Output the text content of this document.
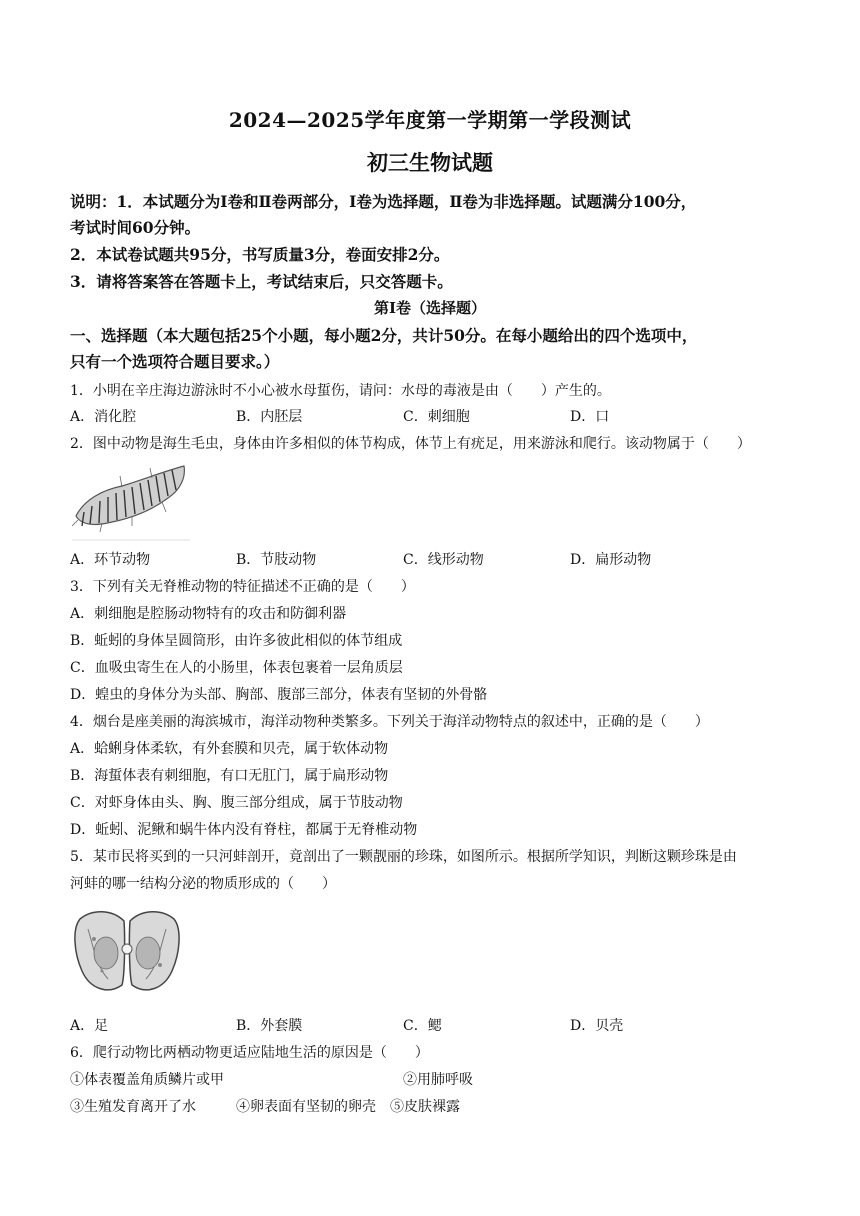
2024—2025学年度第一学期第一学段测试
初三生物试题
说明：1．本试题分为Ⅰ卷和Ⅱ卷两部分，Ⅰ卷为选择题，Ⅱ卷为非选择题。试题满分100分，
考试时间60分钟。
2．本试卷试题共95分，书写质量3分，卷面安排2分。
3．请将答案答在答题卡上，考试结束后，只交答题卡。
第Ⅰ卷（选择题）
一、选择题（本大题包括25个小题，每小题2分，共计50分。在每小题给出的四个选项中，
只有一个选项符合题目要求。）
1．小明在辛庄海边游泳时不小心被水母蜇伤，请问：水母的毒液是由（　　）产生的。
A．消化腔	B．内胚层	C．刺细胞	D．口
2．图中动物是海生毛虫，身体由许多相似的体节构成，体节上有疣足，用来游泳和爬行。该动物属于（　　）
A．环节动物	B．节肢动物	C．线形动物	D．扁形动物
3．下列有关无脊椎动物的特征描述不正确的是（　　）
A．刺细胞是腔肠动物特有的攻击和防御利器
B．蚯蚓的身体呈圆筒形，由许多彼此相似的体节组成
C．血吸虫寄生在人的小肠里，体表包裹着一层角质层
D．蝗虫的身体分为头部、胸部、腹部三部分，体表有坚韧的外骨骼
4．烟台是座美丽的海滨城市，海洋动物种类繁多。下列关于海洋动物特点的叙述中，正确的是（　　）
A．蛤蜊身体柔软，有外套膜和贝壳，属于软体动物
B．海蜇体表有刺细胞，有口无肛门，属于扁形动物
C．对虾身体由头、胸、腹三部分组成，属于节肢动物
D．蚯蚓、泥鳅和蜗牛体内没有脊柱，都属于无脊椎动物
5．某市民将买到的一只河蚌剖开，竟剖出了一颗靓丽的珍珠，如图所示。根据所学知识，判断这颗珍珠是由
河蚌的哪一结构分泌的物质形成的（　　）
A．足	B．外套膜	C．鳃	D．贝壳
6．爬行动物比两栖动物更适应陆地生活的原因是（　　）
①体表覆盖角质鳞片或甲	②用肺呼吸
③生殖发育离开了水	④卵表面有坚韧的卵壳 ⑤皮肤裸露
